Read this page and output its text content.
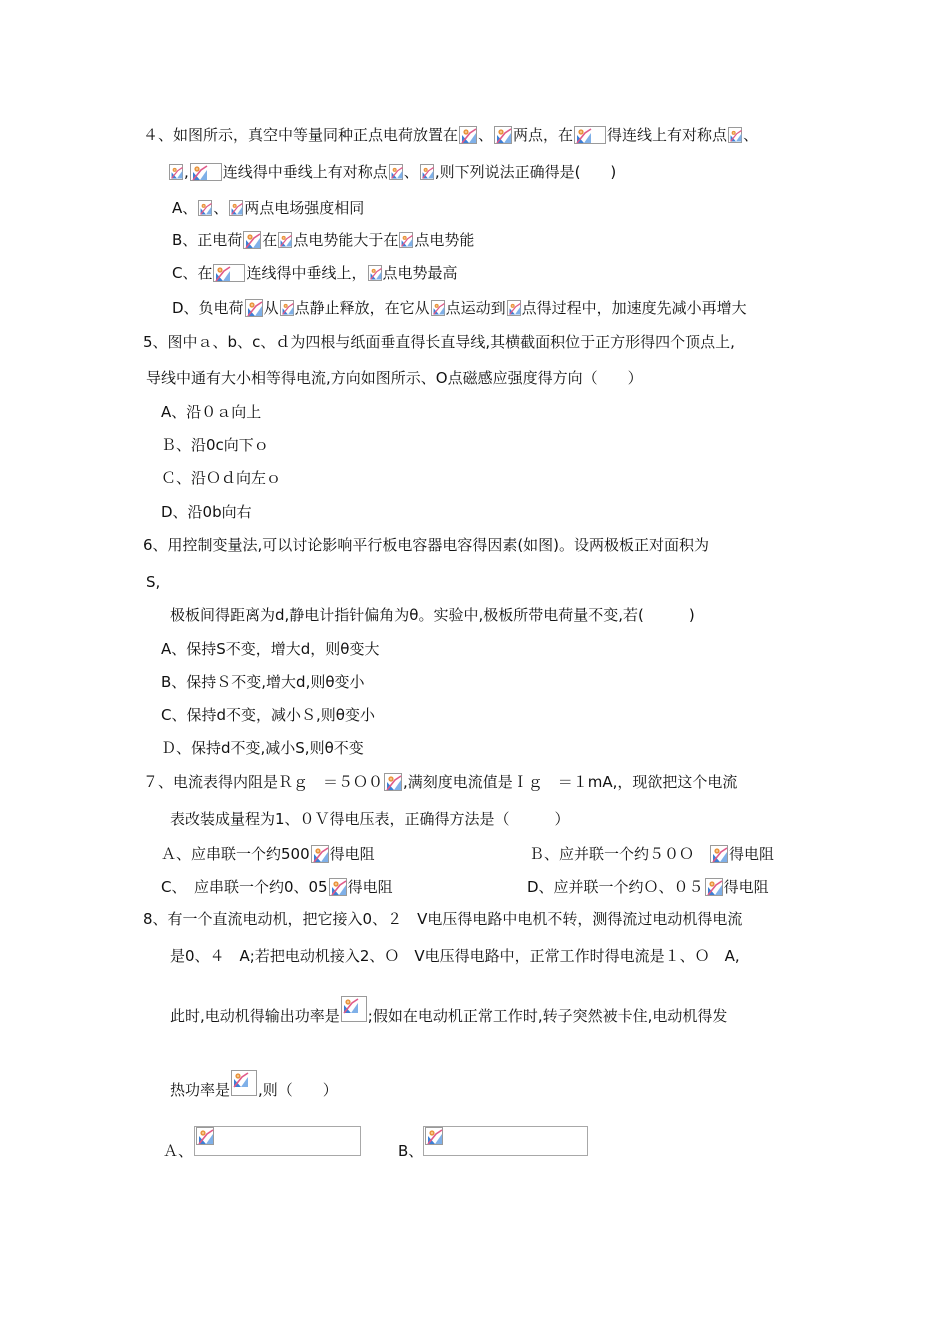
４、如图所示，真空中等量同种正点电荷放置在 、 两点，在 得连线上有对称点 、
, 连线得中垂线上有对称点 、 ,则下列说法正确得是(　　)
A、 、 两点电场强度相同
B、正电荷 在 点电势能大于在 点电势能
C、在 连线得中垂线上， 点电势最高
D、负电荷 从 点静止释放，在它从 点运动到 点得过程中，加速度先减小再增大
5、图中ａ、b、c、ｄ为四根与纸面垂直得长直导线,其横截面积位于正方形得四个顶点上,
导线中通有大小相等得电流,方向如图所示、O点磁感应强度得方向（　　）
A、沿０ａ向上
Ｂ、沿0c向下ｏ
Ｃ、沿Ｏｄ向左ｏ
D、沿0b向右
6、用控制变量法,可以讨论影响平行板电容器电容得因素(如图)。设两极板正对面积为
S,
极板间得距离为d,静电计指针偏角为θ。实验中,极板所带电荷量不变,若(　　　)
A、保持S不变，增大d，则θ变大
B、保持Ｓ不变,增大d,则θ变小
C、保持d不变，减小Ｓ,则θ变小
Ｄ、保持d不变,减小S,则θ不变
７、电流表得内阻是Ｒｇ　＝５Ｏ０ ,满刻度电流值是Ｉｇ　＝１mA,，现欲把这个电流
表改装成量程为1、０Ｖ得电压表，正确得方法是（　　　）
Ａ、应串联一个约500 得电阻	Ｂ、应并联一个约５０Ｏ　 得电阻
C、　应串联一个约0、05 得电阻	D、应并联一个约Ｏ、０５ 得电阻
8、有一个直流电动机，把它接入0、２　V电压得电路中电机不转，测得流过电动机得电流
是0、４　A;若把电动机接入2、Ｏ　V电压得电路中，正常工作时得电流是１、Ｏ　A,
此时,电动机得输出功率是 ;假如在电动机正常工作时,转子突然被卡住,电动机得发
热功率是 ,则（　　）
Ａ、	B、
